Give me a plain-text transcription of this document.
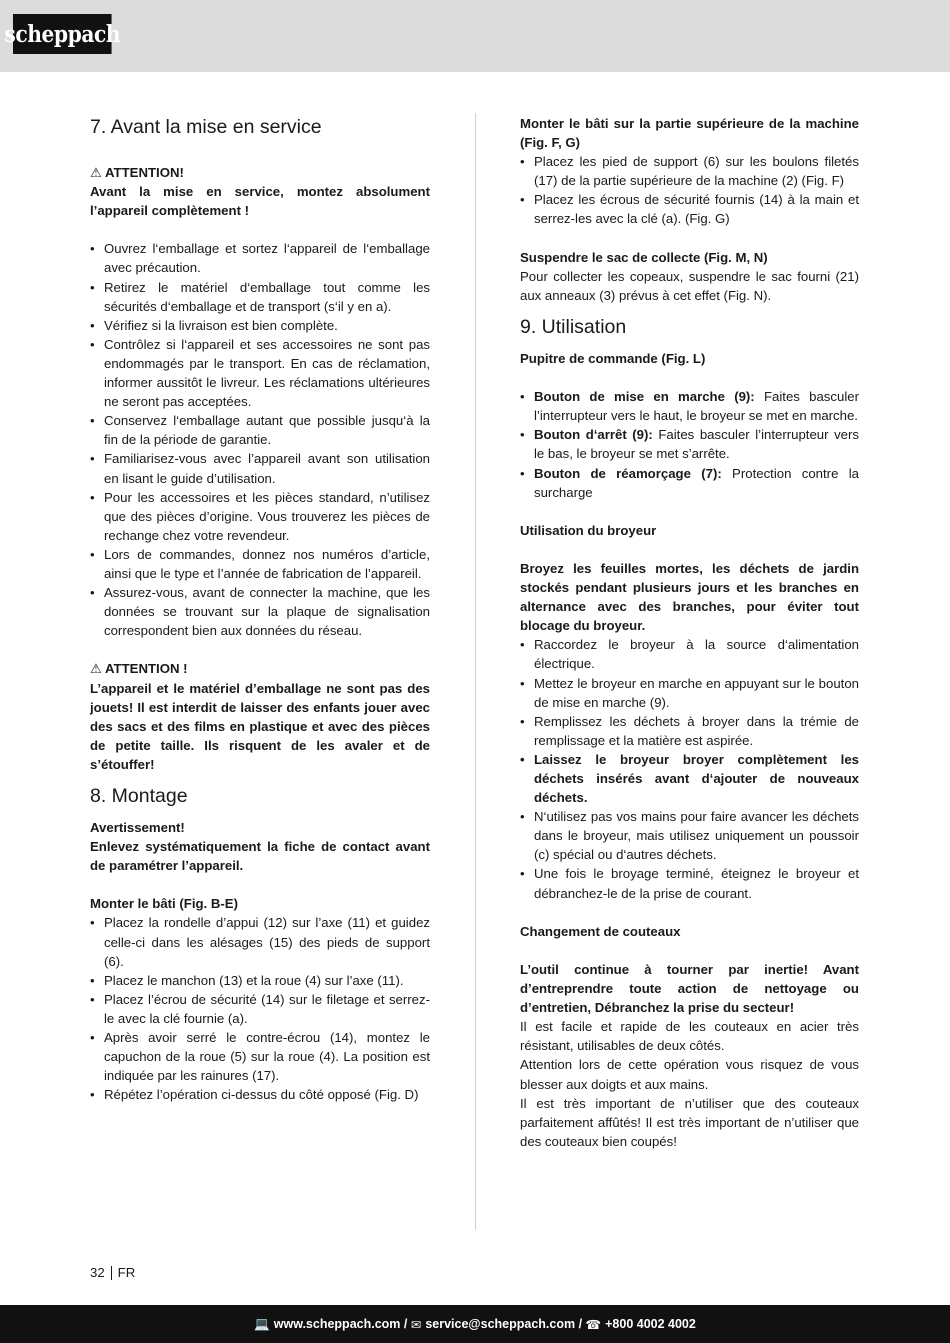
scheppach
7. Avant la mise en service

⚠ ATTENTION!

Avant la mise en service, montez absolument l’appareil complètement !

• Ouvrez l‘emballage et sortez l‘appareil de l‘emballage avec précaution.
• Retirez le matériel d‘emballage tout comme les sécurités d‘emballage et de transport (s‘il y en a).
• Vérifiez si la livraison est bien complète.
• Contrôlez si l‘appareil et ses accessoires ne sont pas endommagés par le transport. En cas de réclamation, informer aussitôt le livreur. Les réclamations ultérieures ne seront pas acceptées.
• Conservez l‘emballage autant que possible jusqu‘à la fin de la période de garantie.
• Familiarisez-vous avec l’appareil avant son utilisation en lisant le guide d’utilisation.
• Pour les accessoires et les pièces standard, n’utilisez que des pièces d’origine. Vous trouverez les pièces de rechange chez votre revendeur.
• Lors de commandes, donnez nos numéros d’article, ainsi que le type et l’année de fabrication de l’appareil.
• Assurez-vous, avant de connecter la machine, que les données se trouvant sur la plaque de signalisation correspondent bien aux données du réseau.

⚠ ATTENTION !

L’appareil et le matériel d’emballage ne sont pas des jouets! Il est interdit de laisser des enfants jouer avec des sacs et des films en plastique et avec des pièces de petite taille. Ils risquent de les avaler et de s’étouffer!

8. Montage

Avertissement!

Enlevez systématiquement la fiche de contact avant de paramétrer l’appareil.

Monter le bâti (Fig. B-E)

• Placez la rondelle d’appui (12) sur l’axe (11) et guidez celle-ci dans les alésages (15) des pieds de support (6).
• Placez le manchon (13) et la roue (4) sur l’axe (11).
• Placez l’écrou de sécurité (14) sur le filetage et serrez-le avec la clé fournie (a).
• Après avoir serré le contre-écrou (14), montez le capuchon de la roue (5) sur la roue (4). La position est indiquée par les rainures (17).
• Répétez l’opération ci-dessus du côté opposé (Fig. D)

Monter le bâti sur la partie supérieure de la machine (Fig. F, G)

• Placez les pied de support (6) sur les boulons filetés (17) de la partie supérieure de la machine (2) (Fig. F)
• Placez les écrous de sécurité fournis (14) à la main et serrez-les avec la clé (a). (Fig. G)

Suspendre le sac de collecte (Fig. M, N)

Pour collecter les copeaux, suspendre le sac fourni (21) aux anneaux (3) prévus à cet effet (Fig. N).

9. Utilisation

Pupitre de commande (Fig. L)

• Bouton de mise en marche (9): Faites basculer l’interrupteur vers le haut, le broyeur se met en marche.
• Bouton d‘arrêt (9): Faites basculer l’interrupteur vers le bas, le broyeur se met s’arrête.
• Bouton de réamorçage (7): Protection contre la surcharge

Utilisation du broyeur

Broyez les feuilles mortes, les déchets de jardin stockés pendant plusieurs jours et les branches en alternance avec des branches, pour éviter tout blocage du broyeur.

• Raccordez le broyeur à la source d‘alimentation électrique.
• Mettez le broyeur en marche en appuyant sur le bouton de mise en marche (9).
• Remplissez les déchets à broyer dans la trémie de remplissage et la matière est aspirée.
• Laissez le broyeur broyer complètement les déchets insérés avant d‘ajouter de nouveaux déchets.
• N‘utilisez pas vos mains pour faire avancer les déchets dans le broyeur, mais utilisez uniquement un poussoir (c) spécial ou d‘autres déchets.
• Une fois le broyage terminé, éteignez le broyeur et débranchez-le de la prise de courant.

Changement de couteaux

L’outil continue à tourner par inertie! Avant d’entreprendre toute action de nettoyage ou d’entretien, Débranchez la prise du secteur!

Il est facile et rapide de les couteaux en acier très résistant, utilisables de deux côtés.

Attention lors de cette opération vous risquez de vous blesser aux doigts et aux mains.

Il est très important de n’utiliser que des couteaux parfaitement affûtés! Il est très important de n’utiliser que des couteaux bien coupés!

32 FR
💻 www.scheppach.com /
✉ service@scheppach.com /
☎ +800 4002 4002
